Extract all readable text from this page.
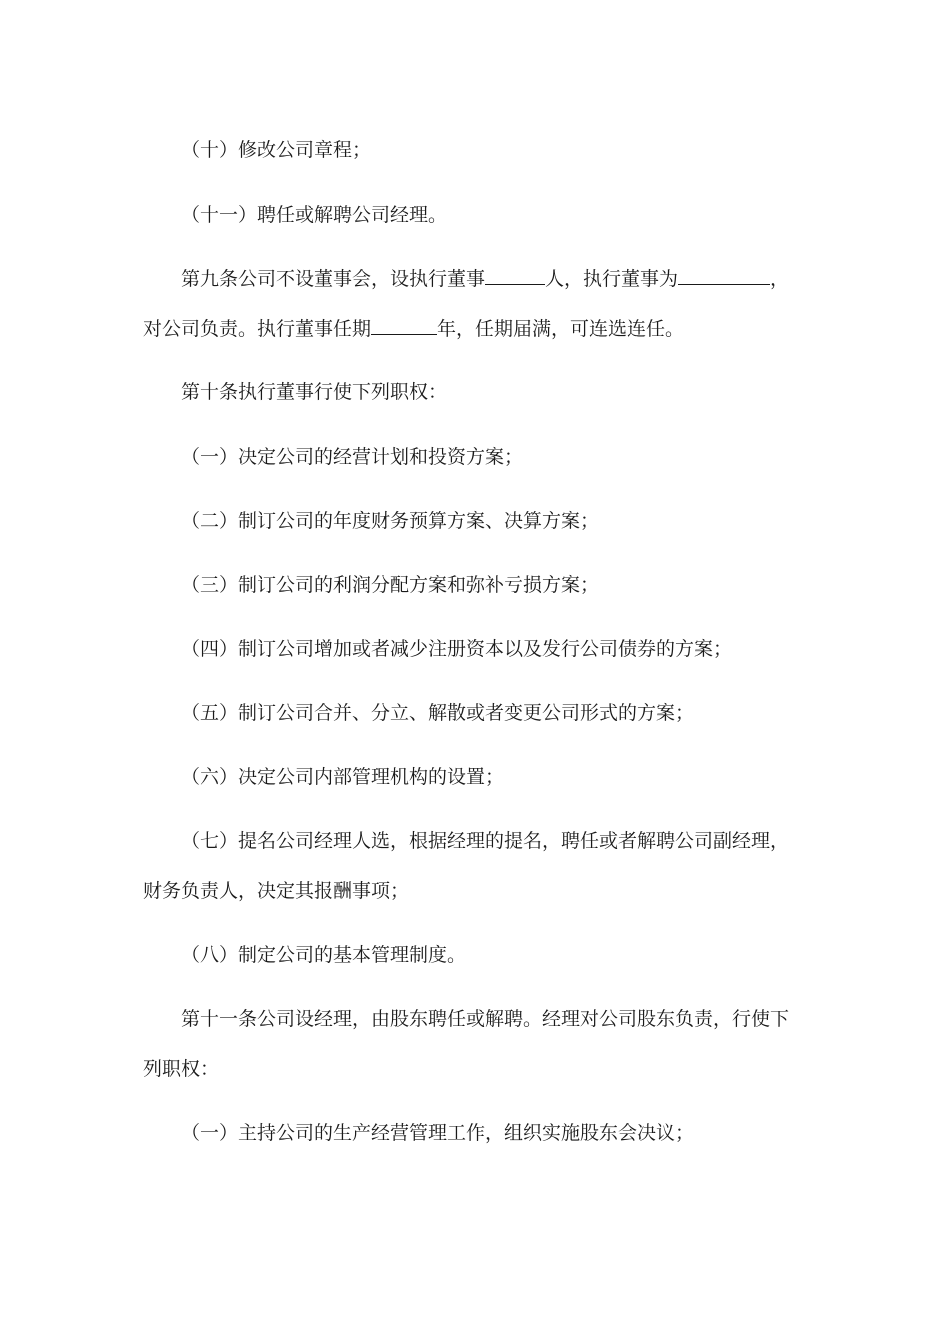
（十）修改公司章程；
（十一）聘任或解聘公司经理。
第九条公司不设董事会，设执行董事	人，执行董事为	，
对公司负责。执行董事任期	年，任期届满，可连选连任。
第十条执行董事行使下列职权：
（一）决定公司的经营计划和投资方案；
（二）制订公司的年度财务预算方案、决算方案；
（三）制订公司的利润分配方案和弥补亏损方案；
（四）制订公司增加或者减少注册资本以及发行公司债券的方案；
（五）制订公司合并、分立、解散或者变更公司形式的方案；
（六）决定公司内部管理机构的设置；
（七）提名公司经理人选，根据经理的提名，聘任或者解聘公司副经理，
财务负责人，决定其报酬事项；
（八）制定公司的基本管理制度。
第十一条公司设经理，由股东聘任或解聘。经理对公司股东负责，行使下
列职权：
（一）主持公司的生产经营管理工作，组织实施股东会决议；
